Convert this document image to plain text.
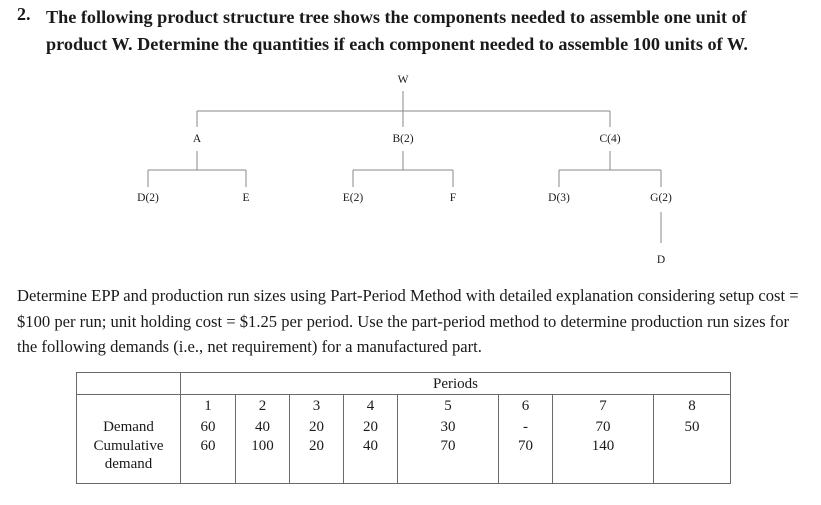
2. The following product structure tree shows the components needed to assemble one unit of product W. Determine the quantities if each component needed to assemble 100 units of W.
W
A	B(2)	C(4)
D(2)	E	E(2)	F	D(3)	G(2)
D
Determine EPP and production run sizes using Part-Period Method with detailed explanation considering setup cost = $100 per run; unit holding cost = $1.25 per period. Use the part-period method to determine production run sizes for the following demands (i.e., net requirement) for a manufactured part.
	Periods							
	1	2	3	4	5	6	7	8
Demand	60	40	20	20	30	-	70	50

Cumulative
demand	60	100	20	40	70	70	140	
